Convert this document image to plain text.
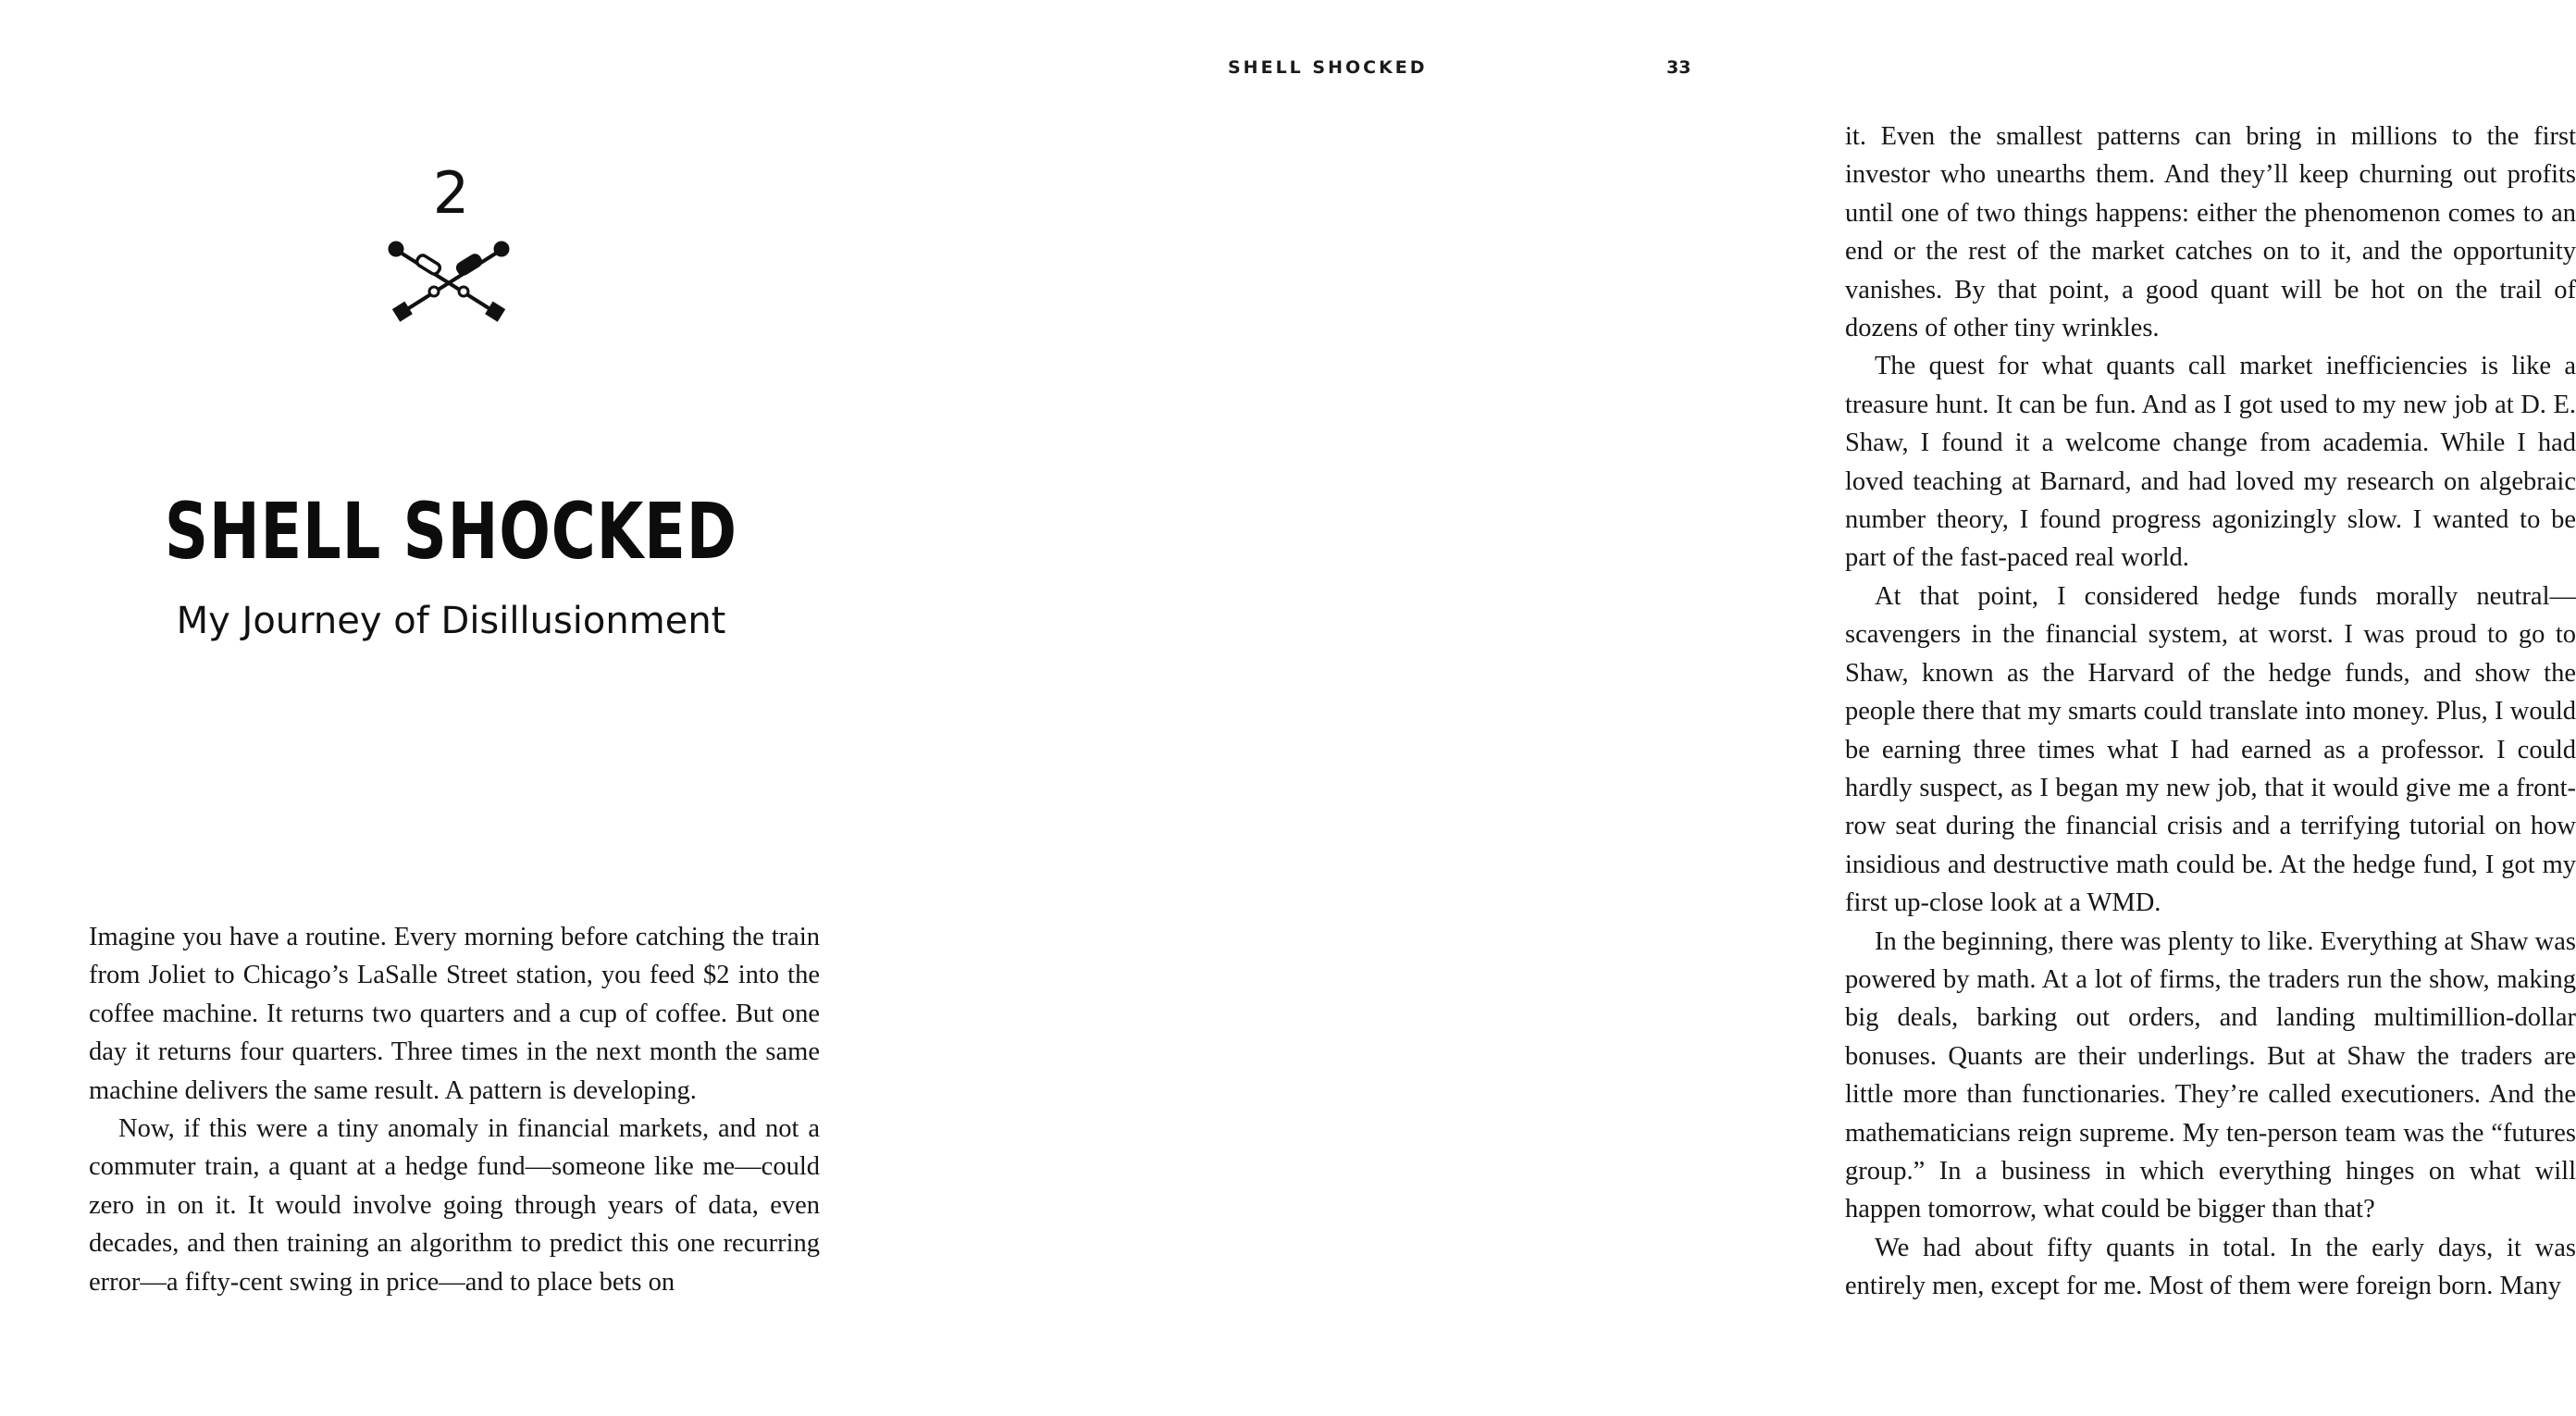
2
SHELL SHOCKED
My Journey of Disillusionment

Imagine you have a routine. Every morning before catching the train from Joliet to Chicago’s LaSalle Street station, you feed $2 into the coffee machine. It returns two quarters and a cup of coffee. But one day it returns four quarters. Three times in the next month the same machine delivers the same result. A pattern is developing.

Now, if this were a tiny anomaly in financial markets, and not a commuter train, a quant at a hedge fund—someone like me—could zero in on it. It would involve going through years of data, even decades, and then training an algorithm to predict this one recurring error—a fifty-cent swing in price—and to place bets on

SHELL SHOCKED	33

it. Even the smallest patterns can bring in millions to the first investor who unearths them. And they’ll keep churning out profits until one of two things happens: either the phenomenon comes to an end or the rest of the market catches on to it, and the opportunity vanishes. By that point, a good quant will be hot on the trail of dozens of other tiny wrinkles.

The quest for what quants call market inefficiencies is like a treasure hunt. It can be fun. And as I got used to my new job at D. E. Shaw, I found it a welcome change from academia. While I had loved teaching at Barnard, and had loved my research on algebraic number theory, I found progress agonizingly slow. I wanted to be part of the fast-paced real world.

At that point, I considered hedge funds morally neutral—scavengers in the financial system, at worst. I was proud to go to Shaw, known as the Harvard of the hedge funds, and show the people there that my smarts could translate into money. Plus, I would be earning three times what I had earned as a professor. I could hardly suspect, as I began my new job, that it would give me a front-row seat during the financial crisis and a terrifying tutorial on how insidious and destructive math could be. At the hedge fund, I got my first up-close look at a WMD.

In the beginning, there was plenty to like. Everything at Shaw was powered by math. At a lot of firms, the traders run the show, making big deals, barking out orders, and landing multimillion-dollar bonuses. Quants are their underlings. But at Shaw the traders are little more than functionaries. They’re called executioners. And the mathematicians reign supreme. My ten-person team was the “futures group.” In a business in which everything hinges on what will happen tomorrow, what could be bigger than that?

We had about fifty quants in total. In the early days, it was entirely men, except for me. Most of them were foreign born. Many
